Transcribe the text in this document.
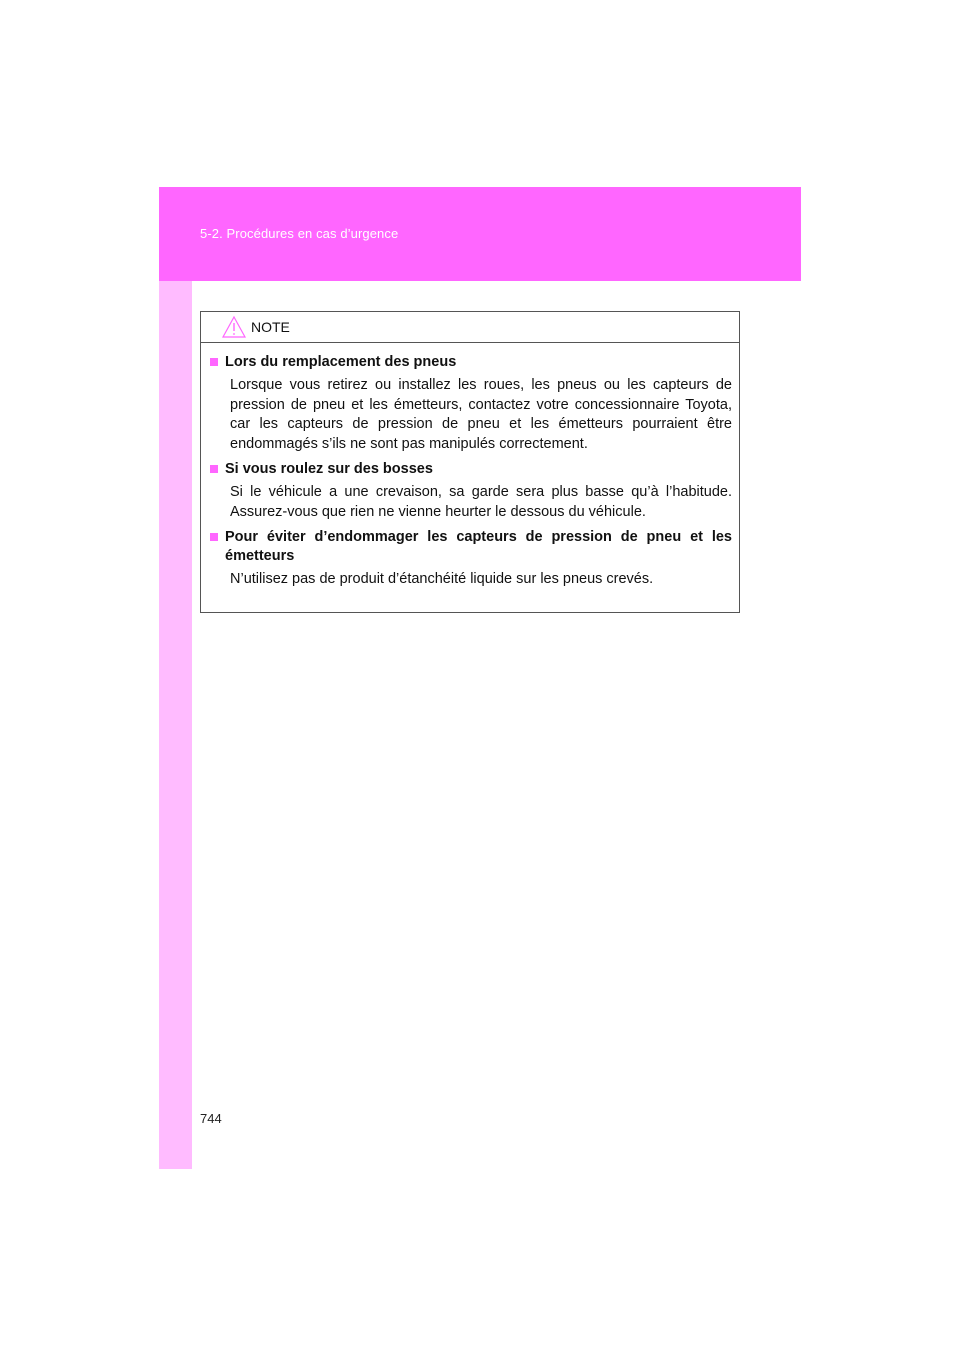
5-2. Procédures en cas d’urgence
NOTE
Lors du remplacement des pneus
Lorsque vous retirez ou installez les roues, les pneus ou les capteurs de pression de pneu et les émetteurs, contactez votre concessionnaire Toyota, car les capteurs de pression de pneu et les émetteurs pourraient être endommagés s’ils ne sont pas manipulés correctement.
Si vous roulez sur des bosses
Si le véhicule a une crevaison, sa garde sera plus basse qu’à l’habitude. Assurez-vous que rien ne vienne heurter le dessous du véhicule.
Pour éviter d’endommager les capteurs de pression de pneu et les émetteurs
N’utilisez pas de produit d’étanchéité liquide sur les pneus crevés.
744
